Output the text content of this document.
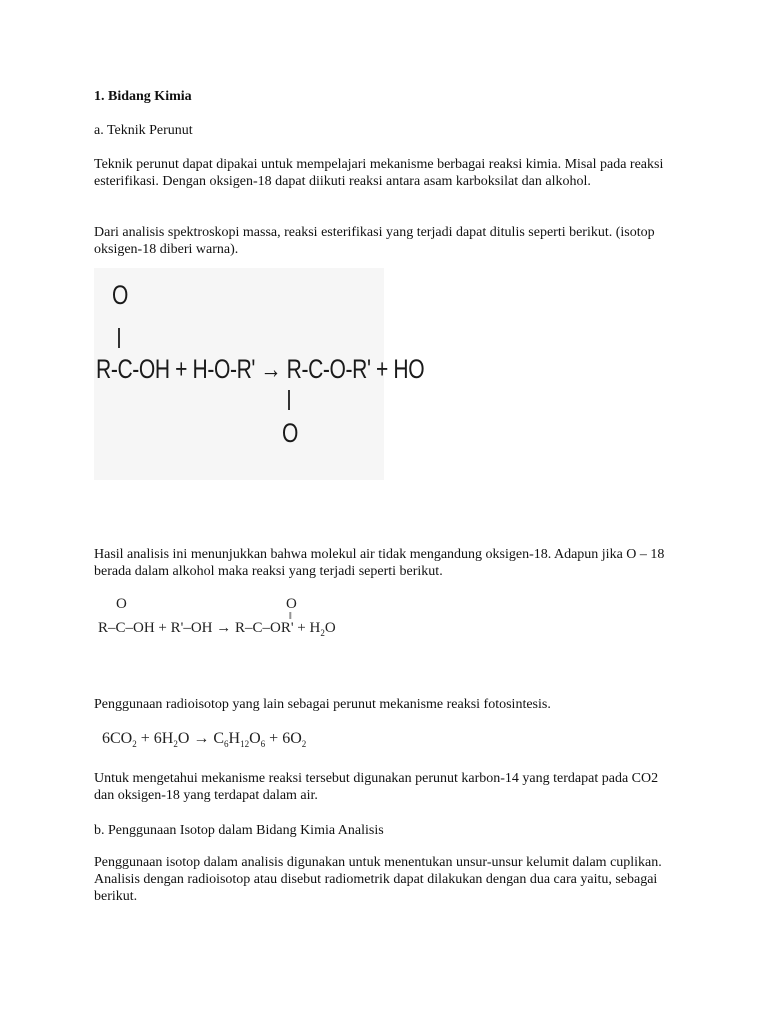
1. Bidang Kimia

a. Teknik Perunut

Teknik perunut dapat dipakai untuk mempelajari mekanisme berbagai reaksi kimia. Misal pada reaksi esterifikasi. Dengan oksigen-18 dapat diikuti reaksi antara asam karboksilat dan alkohol.

Dari analisis spektroskopi massa, reaksi esterifikasi yang terjadi dapat ditulis seperti berikut. (isotop oksigen-18 diberi warna).

O
R-C-OH + H-O-R' → R-C-O-R' + HO
O

Hasil analisis ini menunjukkan bahwa molekul air tidak mengandung oksigen-18. Adapun jika O – 18 berada dalam alkohol maka reaksi yang terjadi seperti berikut.

O	O
‖
$R-C-OH + R'-OH \to R-C-OR' + H_2O$

Penggunaan radioisotop yang lain sebagai perunut mekanisme reaksi fotosintesis.

$6CO_2 + 6H_2O \to C_6H_{12}O_6 + 6O_2$

Untuk mengetahui mekanisme reaksi tersebut digunakan perunut karbon-14 yang terdapat pada CO2 dan oksigen-18 yang terdapat dalam air.

b. Penggunaan Isotop dalam Bidang Kimia Analisis

Penggunaan isotop dalam analisis digunakan untuk menentukan unsur-unsur kelumit dalam cuplikan. Analisis dengan radioisotop atau disebut radiometrik dapat dilakukan dengan dua cara yaitu, sebagai berikut.
